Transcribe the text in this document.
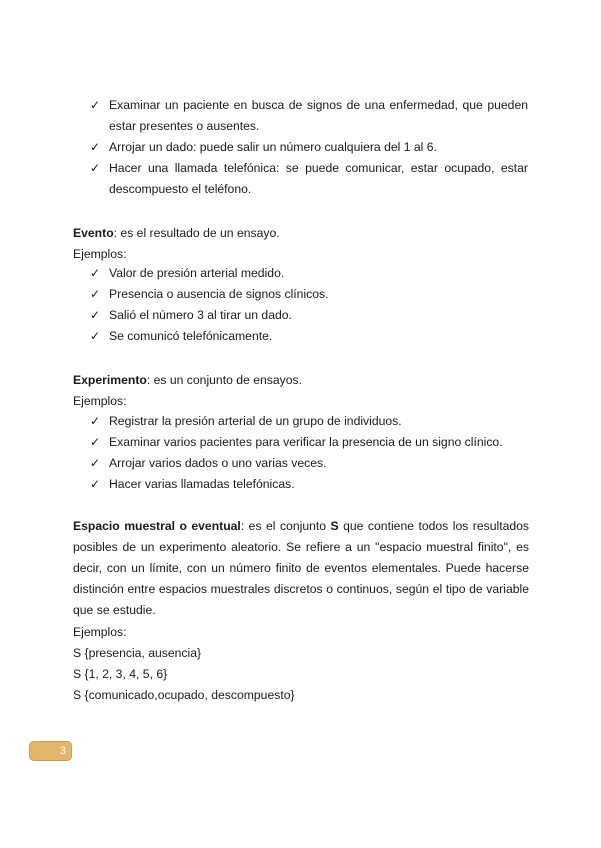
✓ Examinar un paciente en busca de signos de una enfermedad, que pueden estar presentes o ausentes.
✓ Arrojar un dado: puede salir un número cualquiera del 1 al 6.
✓ Hacer una llamada telefónica: se puede comunicar, estar ocupado, estar descompuesto el teléfono.
Evento: es el resultado de un ensayo.
Ejemplos:
✓ Valor de presión arterial medido.
✓ Presencia o ausencia de signos clínicos.
✓ Salió el número 3 al tirar un dado.
✓ Se comunicó telefónicamente.
Experimento: es un conjunto de ensayos.
Ejemplos:
✓ Registrar la presión arterial de un grupo de individuos.
✓ Examinar varios pacientes para verificar la presencia de un signo clínico.
✓ Arrojar varios dados o uno varias veces.
✓ Hacer varias llamadas telefónicas.
Espacio muestral o eventual: es el conjunto S que contiene todos los resultados posibles de un experimento aleatorio. Se refiere a un "espacio muestral finito", es decir, con un límite, con un número finito de eventos elementales. Puede hacerse distinción entre espacios muestrales discretos o continuos, según el tipo de variable que se estudie.
Ejemplos:
S {presencia, ausencia}
S {1, 2, 3, 4, 5, 6}
S {comunicado,ocupado, descompuesto}
3
